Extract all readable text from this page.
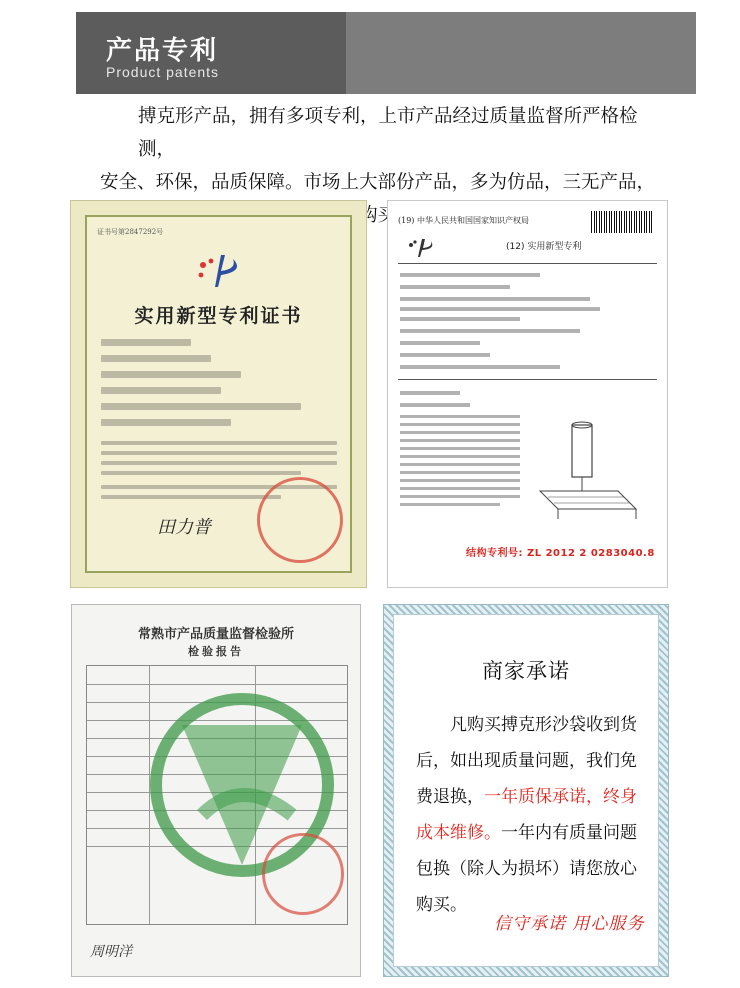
产品专利
Product patents

搏克形产品，拥有多项专利，上市产品经过质量监督所严格检测，

安全、环保，品质保障。市场上大部份产品，多为仿品，三无产品，

证书号第2847292号
实用新型专利证书
田力普
(19) 中华人民共和国国家知识产权局
(12) 实用新型专利
结构专利号: ZL 2012 2 0283040.8
常熟市产品质量监督检验所
检验报告
周明洋
商家承诺
凡购买搏克形沙袋收到货后，如出现质量问题，我们免费退换，一年质保承诺，终身成本维修。一年内有质量问题包换（除人为损坏）请您放心购买。
信守承诺 用心服务
